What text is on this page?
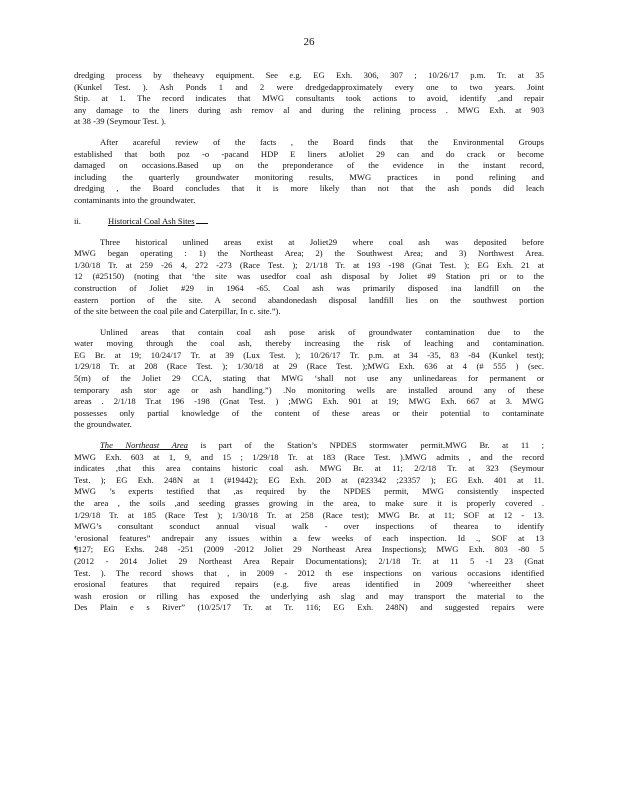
26
dredging process by theheavy equipment. See e.g. EG Exh. 306, 307 ; 10/26/17 p.m. Tr. at 35
(Kunkel Test. ). Ash Ponds 1 and 2 were dredgedapproximately every one to two years. Joint
Stip. at 1. The record indicates that MWG consultants took actions to avoid, identify ,and repair
any damage to the liners during ash remov al and during the relining process . MWG Exh. at 903
at 38 -39 (Seymour Test. ).
After acareful review of the facts , the Board finds that the Environmental Groups
established that both poz -o -pacand HDP E liners atJoliet 29 can and do crack or become
damaged on occasions.Based up on the preponderance of the evidence in the instant record,
including the quarterly groundwater monitoring results, MWG practices in pond relining and
dredging , the Board concludes that it is more likely than not that the ash ponds did leach
contaminants into the groundwater.
ii.	Historical Coal Ash Sites
Three historical unlined areas exist at Joliet29 where coal ash was deposited before
MWG began operating : 1) the Northeast Area; 2) the Southwest Area; and 3) Northwest Area.
1/30/18 Tr. at 259 -26 4, 272 -273 (Race Test. ); 2/1/18 Tr. at 193 -198 (Gnat Test. ); EG Exh. 21 at
12 (#25150) (noting that ‘the site was usedfor coal ash disposal by Joliet #9 Station pri or to the
construction of Joliet #29 in 1964 -65. Coal ash was primarily disposed ina landfill on the
eastern portion of the site. A second abandonedash disposal landfill lies on the southwest portion
of the site between the coal pile and Caterpillar, In c. site.”).
Unlined areas that contain coal ash pose arisk of groundwater contamination due to the
water moving through the coal ash, thereby increasing the risk of leaching and contamination.
EG Br. at 19; 10/24/17 Tr. at 39 (Lux Test. ); 10/26/17 Tr. p.m. at 34 -35, 83 -84 (Kunkel test);
1/29/18 Tr. at 208 (Race Test. ); 1/30/18 at 29 (Race Test. );MWG Exh. 636 at 4 (# 555 ) (sec.
5(m) of the Joliet 29 CCA, stating that MWG ‘shall not use any unlinedareas for permanent or
temporary ash stor age or ash handling.”) .No monitoring wells are installed around any of these
areas . 2/1/18 Tr.at 196 -198 (Gnat Test. ) ;MWG Exh. 901 at 19; MWG Exh. 667 at 3. MWG
possesses only partial knowledge of the content of these areas or their potential to contaminate
the groundwater.
The Northeast Area is part of the Station’s NPDES stormwater permit.MWG Br. at 11 ;
MWG Exh. 603 at 1, 9, and 15 ; 1/29/18 Tr. at 183 (Race Test. ).MWG admits , and the record
indicates ,that this area contains historic coal ash. MWG Br. at 11; 2/2/18 Tr. at 323 (Seymour
Test. ); EG Exh. 248N at 1 (#19442); EG Exh. 20D at (#23342 ;23357 ); EG Exh. 401 at 11.
MWG ’s experts testified that ,as required by the NPDES permit, MWG consistently inspected
the area , the soils ,and seeding grasses growing in the area, to make sure it is properly covered .
1/29/18 Tr. at 185 (Race Test ); 1/30/18 Tr. at 258 (Race test); MWG Br. at 11; SOF at 12 - 13.
MWG’s consultant sconduct annual visual walk - over inspections of thearea to identify
‘erosional features” andrepair any issues within a few weeks of each inspection. Id ., SOF at 13
¶127; EG Exhs. 248 -251 (2009 -2012 Joliet 29 Northeast Area Inspections); MWG Exh. 803 -80 5
(2012 - 2014 Joliet 29 Northeast Area Repair Documentations); 2/1/18 Tr. at 11 5 -1 23 (Gnat
Test. ). The record shows that , in 2009 - 2012 th ese inspections on various occasions identified
erosional features that required repairs (e.g. five areas identified in 2009 ‘whereeither sheet
wash erosion or rilling has exposed the underlying ash slag and may transport the material to the
Des Plain e s River” (10/25/17 Tr. at Tr. 116; EG Exh. 248N) and suggested repairs were
